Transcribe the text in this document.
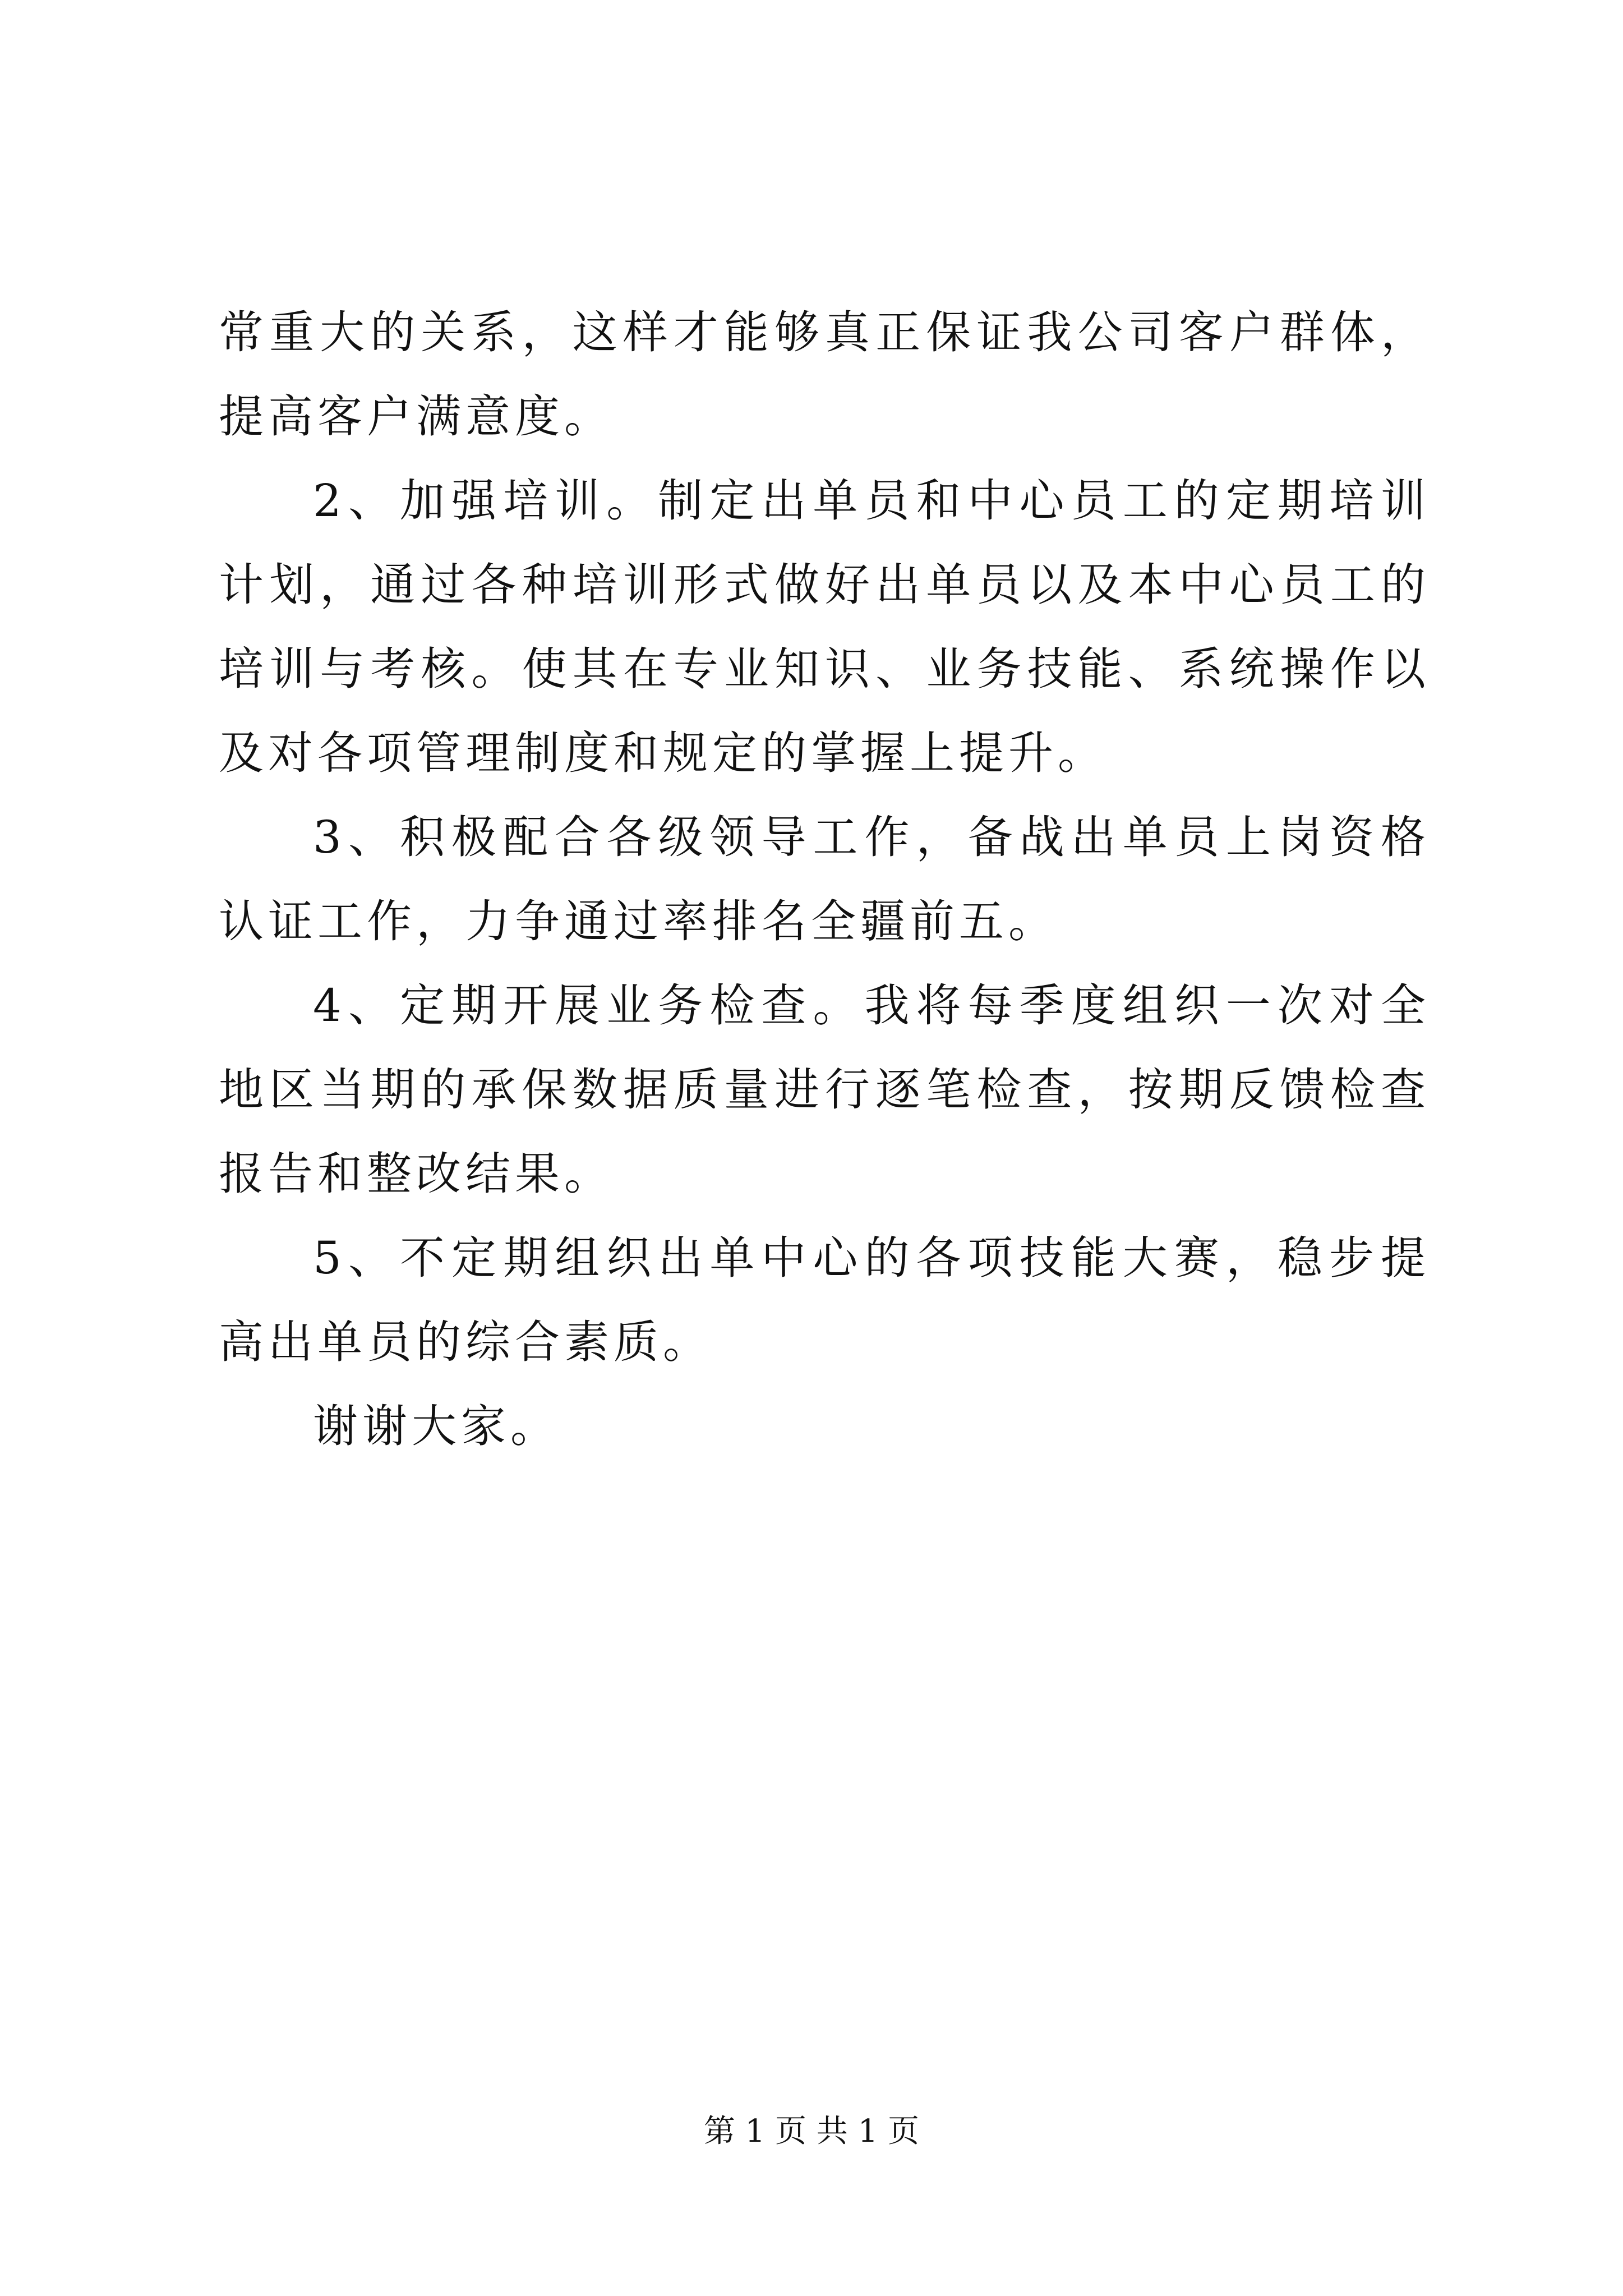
常重大的关系，这样才能够真正保证我公司客户群体，提高客户满意度。

2、加强培训。制定出单员和中心员工的定期培训计划，通过各种培训形式做好出单员以及本中心员工的培训与考核。使其在专业知识、业务技能、系统操作以及对各项管理制度和规定的掌握上提升。

3、积极配合各级领导工作，备战出单员上岗资格认证工作，力争通过率排名全疆前五。

4、定期开展业务检查。我将每季度组织一次对全地区当期的承保数据质量进行逐笔检查，按期反馈检查报告和整改结果。

5、不定期组织出单中心的各项技能大赛，稳步提高出单员的综合素质。

谢谢大家。

第 1 页 共 1 页
